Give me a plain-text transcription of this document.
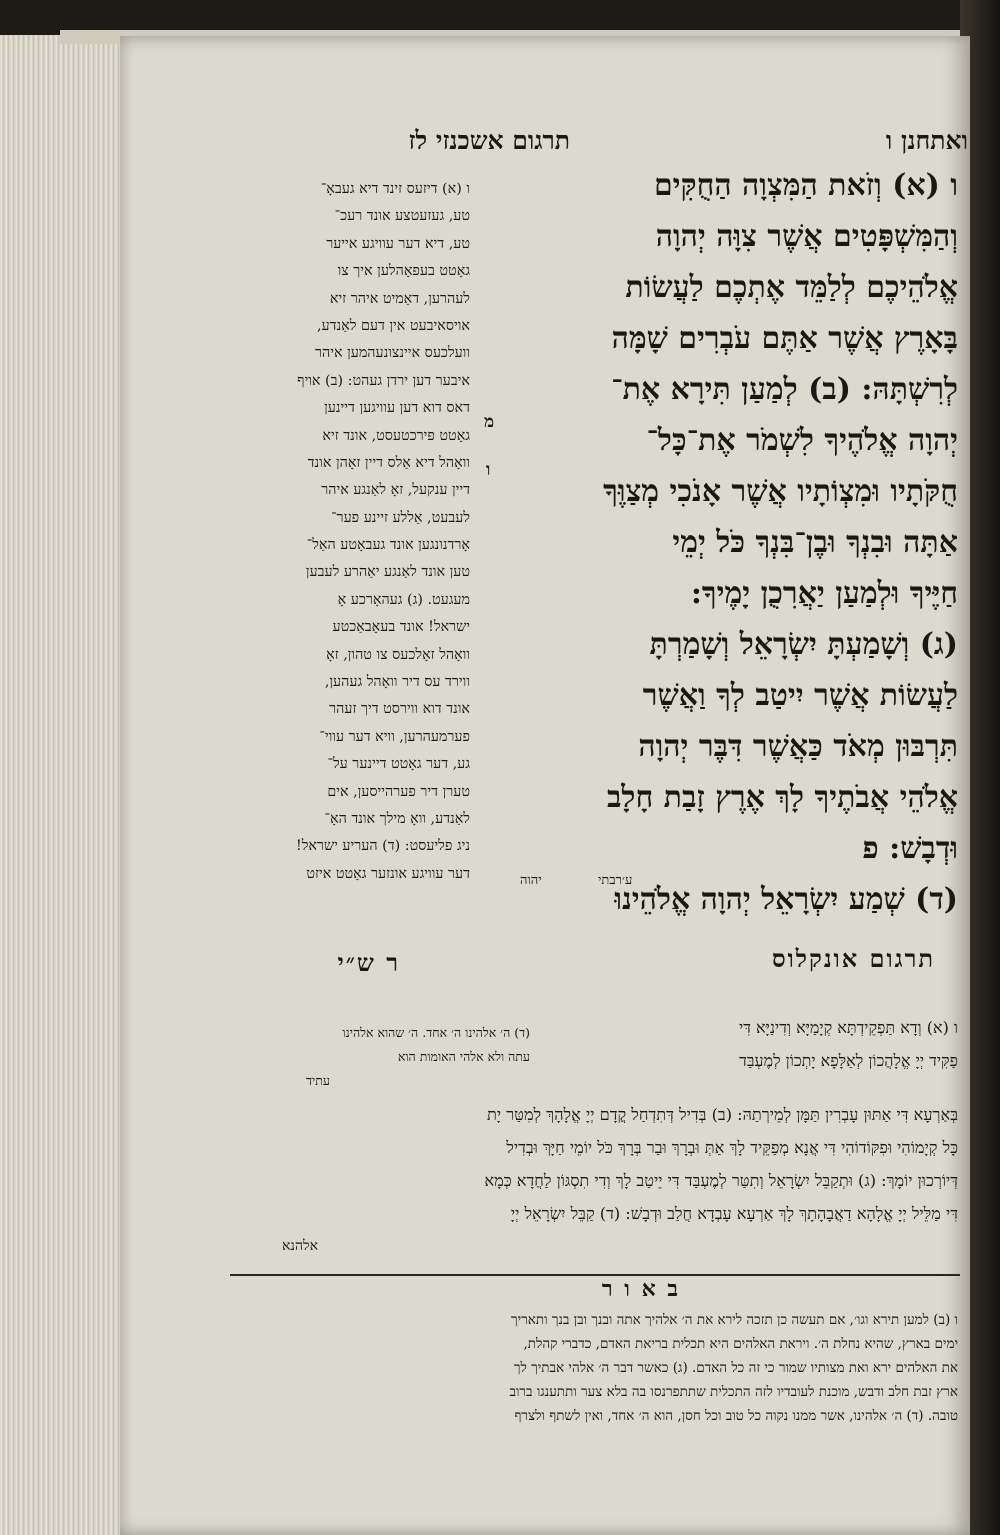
תרגום אשכנזי לז	ואתחנן ו
ו (א) וְזֹאת הַמִּצְוָה הַחֻקִּים
וְהַמִּשְׁפָּטִים אֲשֶׁר צִוָּה יְהוָה
אֱלֹהֵיכֶם לְלַמֵּד אֶתְכֶם לַעֲשׂוֹת
בָּאָרֶץ אֲשֶׁר אַתֶּם עֹבְרִים שָׁמָּה
לְרִשְׁתָּהּ: (ב) לְמַעַן תִּירָא אֶת־
יְהוָה אֱלֹהֶיךָ לִשְׁמֹר אֶת־כָּל־
חֻקֹּתָיו וּמִצְוֹתָיו אֲשֶׁר אָנֹכִי מְצַוֶּךָ
אַתָּה וּבִנְךָ וּבֶן־בִּנְךָ כֹּל יְמֵי
חַיֶּיךָ וּלְמַעַן יַאֲרִכֻן יָמֶיךָ:
(ג) וְשָׁמַעְתָּ יִשְׂרָאֵל וְשָׁמַרְתָּ
לַעֲשׂוֹת אֲשֶׁר יִיטַב לְךָ וַאֲשֶׁר
תִּרְבּוּן מְאֹד כַּאֲשֶׁר דִּבֶּר יְהוָה
אֱלֹהֵי אֲבֹתֶיךָ לָךְ אֶרֶץ זָבַת חָלָב
וּדְבָשׁ: פ
(ד) שְׁמַע יִשְׂרָאֵל יְהוָה אֱלֹהֵינוּ
מ
ו
ע׳רבתי
יהוה
ו (א) דיזעס זינד דיא געבאָ־
טע, געזעטצע אונד רעכ־
טע, דיא דער עוויגע אייער
גאָטט בעפאָהלען איך צו
לעהרען, דאַמיט איהר זיא
אויסאיבעט אין דעם לאַנדע,
וועלכעס איינצונעהמען איהר
איבער דען ירדן געהט: (ב) אויף
דאס דוא דען עוויגען דיינען
גאָטט פירכטעסט, אונד זיא
וואָהל דיא אַלס דיין זאָהן אונד
דיין ענקעל, זאָ לאַנגע איהר
לעבעט, אַללע זיינע פער־
אָרדנונגען אונד געבאָטע האַל־
טען אונד לאַנגע יאַהרע לעבען
מעגעט. (ג) געהאָרכע אָ
ישראל! אונד בעאָבאַכטע
וואָהל זאָלכעס צו טהון, זאָ
ווירד עס דיר וואָהל געהען,
אונד דוא ווירסט דיך זעהר
פערמעהרען, וויא דער עווי־
גע, דער גאָטט דיינער על־
טערן דיר פערהייסען, אים
לאַנדע, וואָ מילך אונד האָ־
ניג פליעסט: (ד) העריע ישראל!
דער עוויגע אונזער גאָטט איזט
ר ש״י	תרגום אונקלוס
ו (א) וְדָא תַּפְקֵידְתָּא קְיָמַיָּא וְדִינַיָּא דִּי
פַקִּיד יְיָ אֱלָהֲכוֹן לְאַלָּפָא יָתְכוֹן לְמֶעְבַּד
(ד) ה׳ אלהינו ה׳ אחד. ה׳ שהוא אלהינו
עתה ולא אלהי האומות הוא
עתיד
בְּאַרְעָא דִּי אַתּוּן עָבְרִין תַּמָּן לְמֵירְתַהּ: (ב) בְּדִיל דְּתִדְחַל קֳדָם יְיָ אֱלָהָךְ לְמִטַּר יָת
כָּל קְיָמוֹהִי וּפִקּוֹדוֹהִי דִּי אֲנָא מְפַקֵּיד לָךְ אַתְּ וּבְרָךְ וּבַר בְּרָךְ כֹּל יוֹמֵי חַיָּךְ וּבְדִיל
דְּיוֹרְכוּן יוֹמָךְ: (ג) וּתְקַבֵּל יִשְׂרָאֵל וְתִטַּר לְמֶעְבַּד דִּי יֵיטַב לָךְ וְדִי תִסְגּוֹן לַחֲדָא כְּמָא
דִּי מַלֵּיל יְיָ אֱלָהָא דַאֲבָהָתָךְ לָךְ אַרְעָא עָבְדָא חֲלַב וּדְבָשׁ: (ד) קַבֵּל יִשְׂרָאֵל יְיָ
אלהנא
ב א ו ר
ו (ב) למען תירא וגו׳, אם תעשה כן תזכה לירא את ה׳ אלהיך אתה ובנך ובן בנך ותאריך
ימים בארץ, שהיא נחלת ה׳. ויראת האלהים היא תכלית בריאת האדם, כדברי קהלת,
את האלהים ירא ואת מצותיו שמור כי זה כל האדם. (ג) כאשר דבר ה׳ אלהי אבתיך לך
ארץ זבת חלב ודבש, מוכנת לעובדיו לזה התכלית שתתפרנסו בה בלא צער ותתענגו ברוב
טובה. (ד) ה׳ אלהינו, אשר ממנו נקוה כל טוב וכל חסן, הוא ה׳ אחד, ואין לשתף ולצרף
